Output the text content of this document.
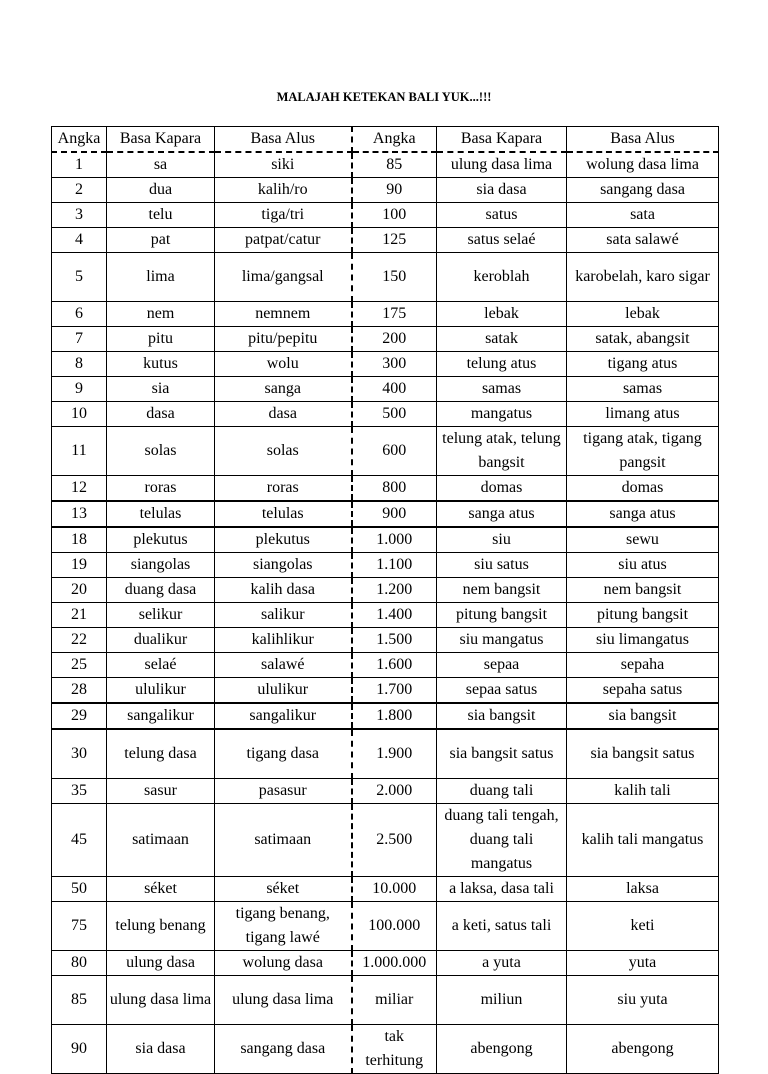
MALAJAH KETEKAN BALI YUK...!!!
Angka	Basa Kapara	Basa Alus	Angka	Basa Kapara	Basa Alus
1	sa	siki	85	ulung dasa lima	wolung dasa lima
2	dua	kalih/ro	90	sia dasa	sangang dasa
3	telu	tiga/tri	100	satus	sata
4	pat	patpat/catur	125	satus selaé	sata salawé
5	lima	lima/gangsal	150	keroblah	karobelah, karo sigar
6	nem	nemnem	175	lebak	lebak
7	pitu	pitu/pepitu	200	satak	satak, abangsit
8	kutus	wolu	300	telung atus	tigang atus
9	sia	sanga	400	samas	samas
10	dasa	dasa	500	mangatus	limang atus
11	solas	solas	600	telung atak, telung bangsit	tigang atak, tigang pangsit
12	roras	roras	800	domas	domas
13	telulas	telulas	900	sanga atus	sanga atus
18	plekutus	plekutus	1.000	siu	sewu
19	siangolas	siangolas	1.100	siu satus	siu atus
20	duang dasa	kalih dasa	1.200	nem bangsit	nem bangsit
21	selikur	salikur	1.400	pitung bangsit	pitung bangsit
22	dualikur	kalihlikur	1.500	siu mangatus	siu limangatus
25	selaé	salawé	1.600	sepaa	sepaha
28	ululikur	ululikur	1.700	sepaa satus	sepaha satus
29	sangalikur	sangalikur	1.800	sia bangsit	sia bangsit
30	telung dasa	tigang dasa	1.900	sia bangsit satus	sia bangsit satus
35	sasur	pasasur	2.000	duang tali	kalih tali
45	satimaan	satimaan	2.500	duang tali tengah, duang tali mangatus	kalih tali mangatus
50	séket	séket	10.000	a laksa, dasa tali	laksa
75	telung benang	tigang benang, tigang lawé	100.000	a keti, satus tali	keti
80	ulung dasa	wolung dasa	1.000.000	a yuta	yuta
85	ulung dasa lima	ulung dasa lima	miliar	miliun	siu yuta
90	sia dasa	sangang dasa	tak terhitung	abengong	abengong
